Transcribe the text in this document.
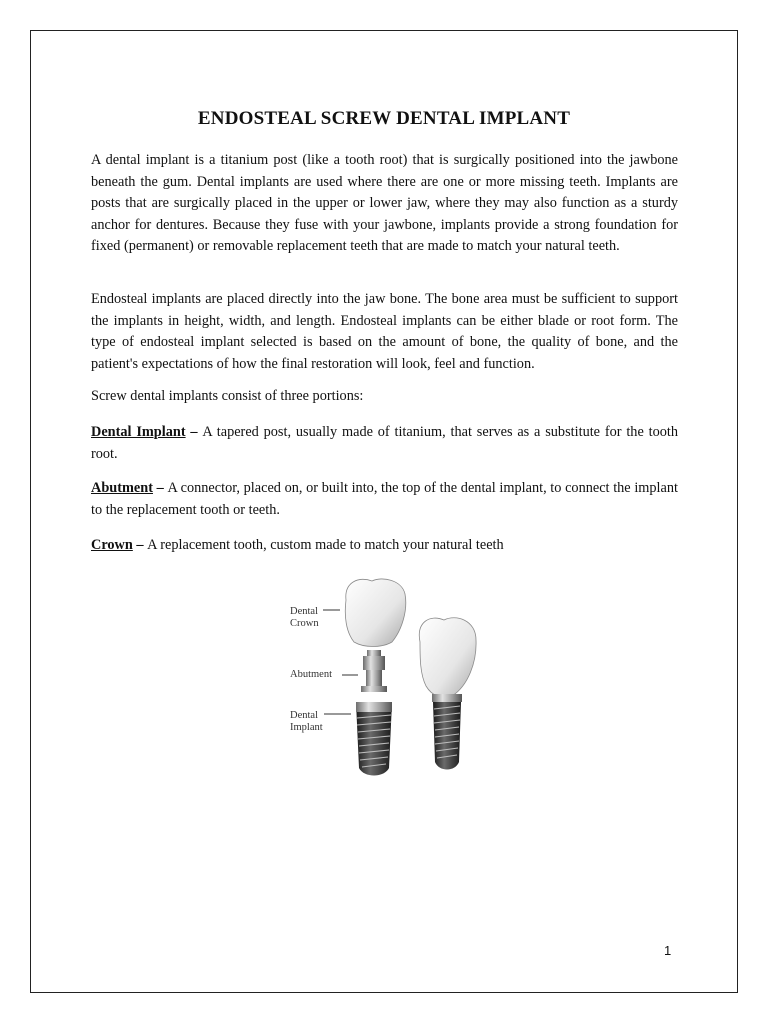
ENDOSTEAL SCREW DENTAL IMPLANT

A dental implant is a titanium post (like a tooth root) that is surgically positioned into the jawbone beneath the gum. Dental implants are used where there are one or more missing teeth. Implants are posts that are surgically placed in the upper or lower jaw, where they may also function as a sturdy anchor for dentures. Because they fuse with your jawbone, implants provide a strong foundation for fixed (permanent) or removable replacement teeth that are made to match your natural teeth.

Endosteal implants are placed directly into the jaw bone. The bone area must be sufficient to support the implants in height, width, and length. Endosteal implants can be either blade or root form. The type of endosteal implant selected is based on the amount of bone, the quality of bone, and the patient's expectations of how the final restoration will look, feel and function.

Screw dental implants consist of three portions:

Dental Implant – A tapered post, usually made of titanium, that serves as a substitute for the tooth root.

Abutment – A connector, placed on, or built into, the top of the dental implant, to connect the implant to the replacement tooth or teeth.

Crown – A replacement tooth, custom made to match your natural teeth

Dental
Crown
Abutment
Dental
Implant
1
